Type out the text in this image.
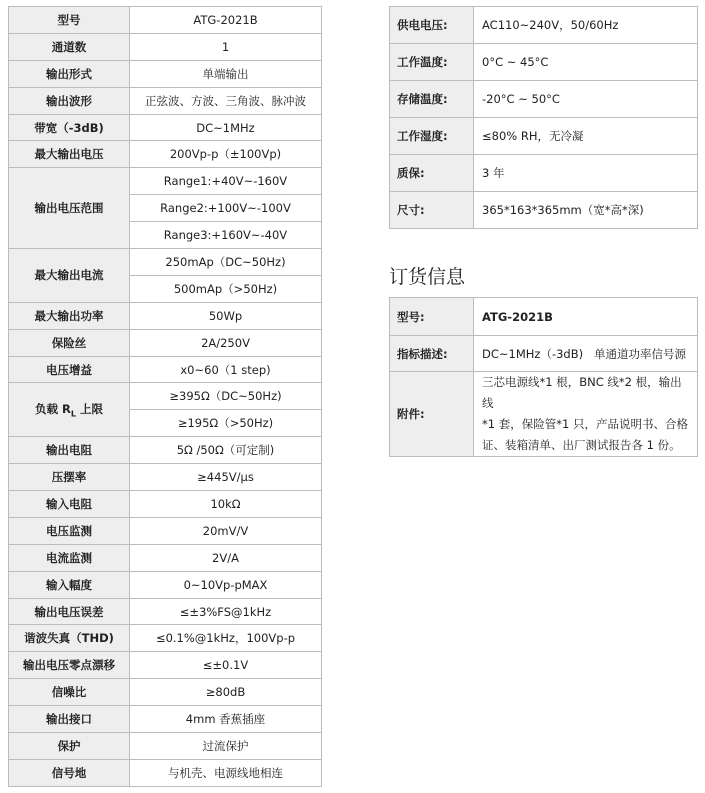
型号	ATG-2021B
通道数	1
输出形式	单端输出
输出波形	正弦波、方波、三角波、脉冲波
带宽（-3dB)	DC~1MHz
最大输出电压	200Vp-p（±100Vp)
输出电压范围	Range1:+40V~-160V
	Range2:+100V~-100V
	Range3:+160V~-40V
最大输出电流	250mAp（DC~50Hz)
	500mAp（>50Hz)
最大输出功率	50Wp
保险丝	2A/250V
电压增益	x0~60（1 step)
负载 $R_L$ 上限	≥395Ω（DC~50Hz)
	≥195Ω（>50Hz)
输出电阻	5Ω /50Ω（可定制)
压摆率	≥445V/μs
输入电阻	10kΩ
电压监测	20mV/V
电流监测	2V/A
输入幅度	0~10Vp-pMAX
输出电压误差	≤±3%FS@1kHz
谐波失真（THD)	≤0.1%@1kHz，100Vp-p
输出电压零点漂移	≤±0.1V
信噪比	≥80dB
输出接口	4mm 香蕉插座
保护	过流保护
信号地	与机壳、电源线地相连
供电电压:	AC110~240V，50/60Hz
工作温度:	0°C ~ 45°C
存储温度:	-20°C ~ 50°C
工作湿度:	≤80% RH，无冷凝
质保:	3 年
尺寸:	365*163*365mm（宽*高*深)
订货信息
型号:	ATG-2021B
指标描述:	DC~1MHz（-3dB)   单通道功率信号源
附件:	三芯电源线*1 根，BNC 线*2 根，输出线
*1 套，保险管*1 只，产品说明书、合格
证、装箱清单、出厂测试报告各 1 份。
